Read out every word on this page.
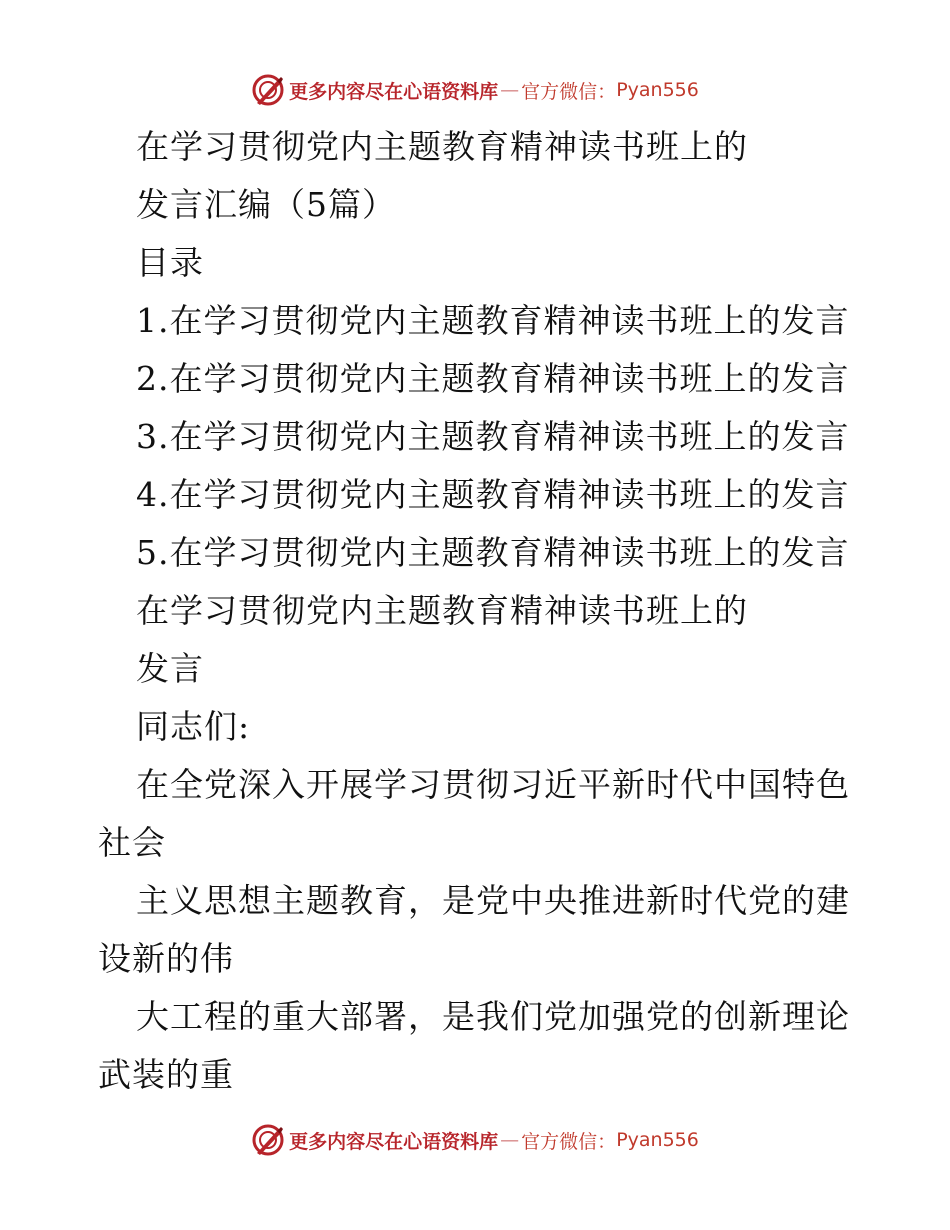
更多内容尽在心语资料库 — 官方微信： Pyan556
在学习贯彻党内主题教育精神读书班上的
发言汇编（5篇）
目录
1.在学习贯彻党内主题教育精神读书班上的发言
2.在学习贯彻党内主题教育精神读书班上的发言
3.在学习贯彻党内主题教育精神读书班上的发言
4.在学习贯彻党内主题教育精神读书班上的发言
5.在学习贯彻党内主题教育精神读书班上的发言
在学习贯彻党内主题教育精神读书班上的
发言
同志们:
在全党深入开展学习贯彻习近平新时代中国特色
社会
主义思想主题教育，是党中央推进新时代党的建
设新的伟
大工程的重大部署，是我们党加强党的创新理论
武装的重
更多内容尽在心语资料库 — 官方微信： Pyan556
